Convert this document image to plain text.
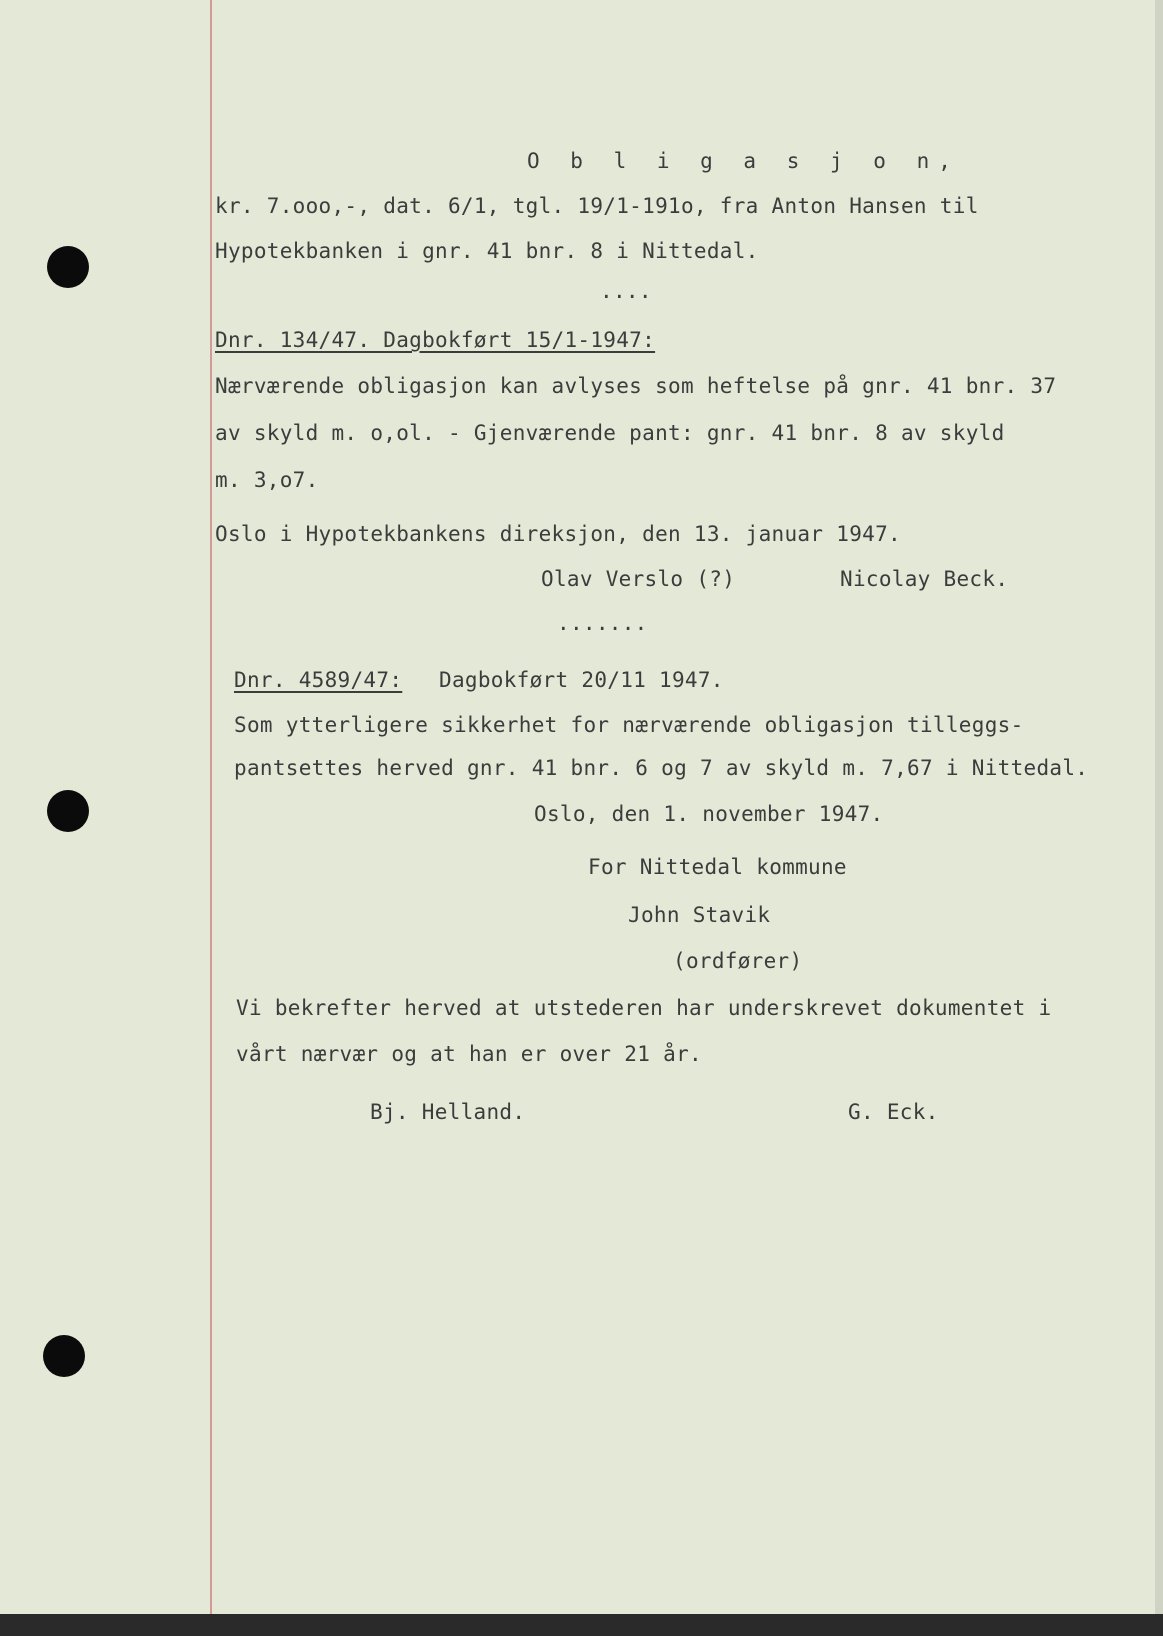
O b l i g a s j o n,
kr. 7.ooo,-, dat. 6/1, tgl. 19/1-191o, fra Anton Hansen til
Hypotekbanken i gnr. 41 bnr. 8 i Nittedal.
....
Dnr. 134/47. Dagbokført 15/1-1947:
Nærværende obligasjon kan avlyses som heftelse på gnr. 41 bnr. 37
av skyld m. o,ol. - Gjenværende pant: gnr. 41 bnr. 8 av skyld
m. 3,o7.
Oslo i Hypotekbankens direksjon, den 13. januar 1947.
Olav Verslo (?)	Nicolay Beck.
.......
Dnr. 4589/47: Dagbokført 20/11 1947.
Som ytterligere sikkerhet for nærværende obligasjon tilleggs-
pantsettes herved gnr. 41 bnr. 6 og 7 av skyld m. 7,67 i Nittedal.
Oslo, den 1. november 1947.
For Nittedal kommune
John Stavik
(ordfører)
Vi bekrefter herved at utstederen har underskrevet dokumentet i
vårt nærvær og at han er over 21 år.
Bj. Helland.	G. Eck.
